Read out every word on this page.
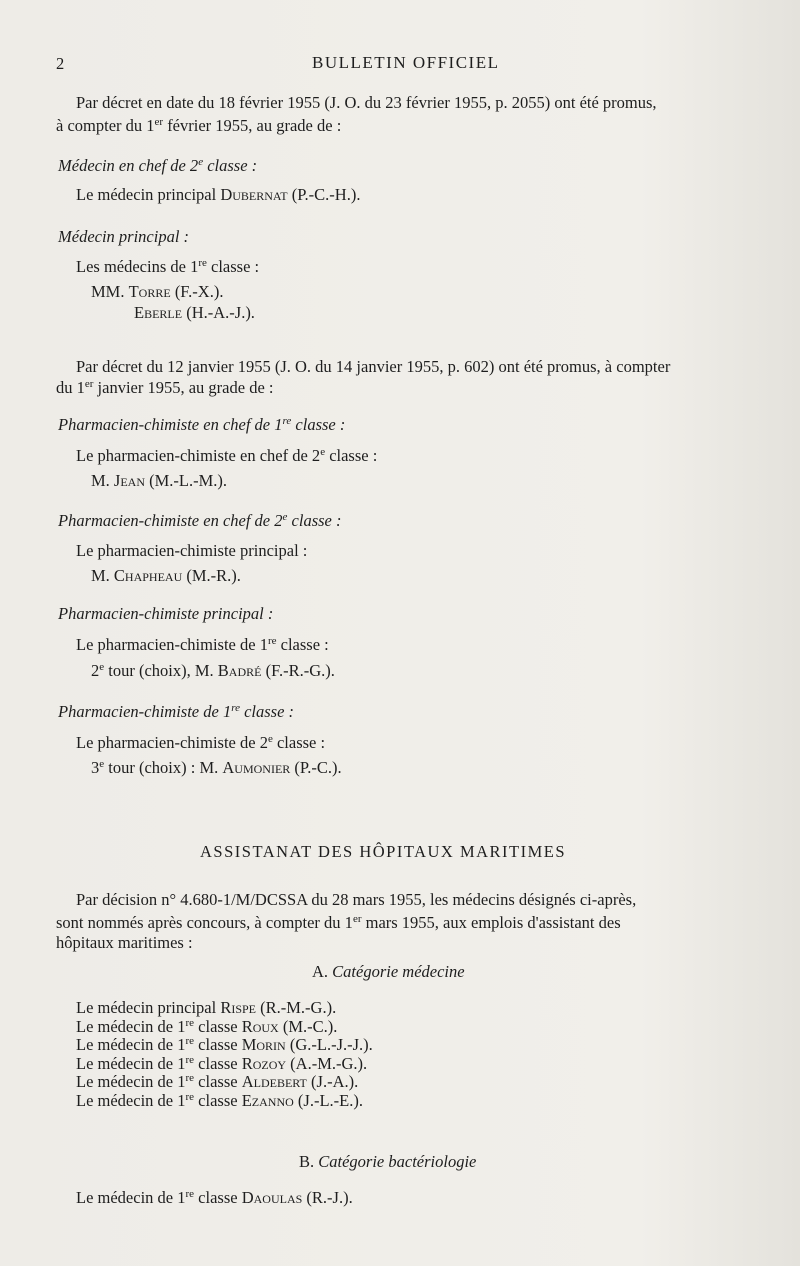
2	BULLETIN OFFICIEL
Par décret en date du 18 février 1955 (J. O. du 23 février 1955, p. 2055) ont été promus,
à compter du 1er février 1955, au grade de :
Médecin en chef de 2e classe :
Le médecin principal Dubernat (P.-C.-H.).
Médecin principal :
Les médecins de 1re classe :
MM. Torre (F.-X.).
Eberle (H.-A.-J.).
Par décret du 12 janvier 1955 (J. O. du 14 janvier 1955, p. 602) ont été promus, à compter
du 1er janvier 1955, au grade de :
Pharmacien-chimiste en chef de 1re classe :
Le pharmacien-chimiste en chef de 2e classe :
M. Jean (M.-L.-M.).
Pharmacien-chimiste en chef de 2e classe :
Le pharmacien-chimiste principal :
M. Chapheau (M.-R.).
Pharmacien-chimiste principal :
Le pharmacien-chimiste de 1re classe :
2e tour (choix), M. Badré (F.-R.-G.).
Pharmacien-chimiste de 1re classe :
Le pharmacien-chimiste de 2e classe :
3e tour (choix) : M. Aumonier (P.-C.).
ASSISTANAT DES HÔPITAUX MARITIMES
Par décision n° 4.680-1/M/DCSSA du 28 mars 1955, les médecins désignés ci-après,
sont nommés après concours, à compter du 1er mars 1955, aux emplois d'assistant des
hôpitaux maritimes :
A. Catégorie médecine
Le médecin principal Rispe (R.-M.-G.).
Le médecin de 1re classe Roux (M.-C.).
Le médecin de 1re classe Morin (G.-L.-J.-J.).
Le médecin de 1re classe Rozoy (A.-M.-G.).
Le médecin de 1re classe Aldebert (J.-A.).
Le médecin de 1re classe Ezanno (J.-L.-E.).
B. Catégorie bactériologie
Le médecin de 1re classe Daoulas (R.-J.).
